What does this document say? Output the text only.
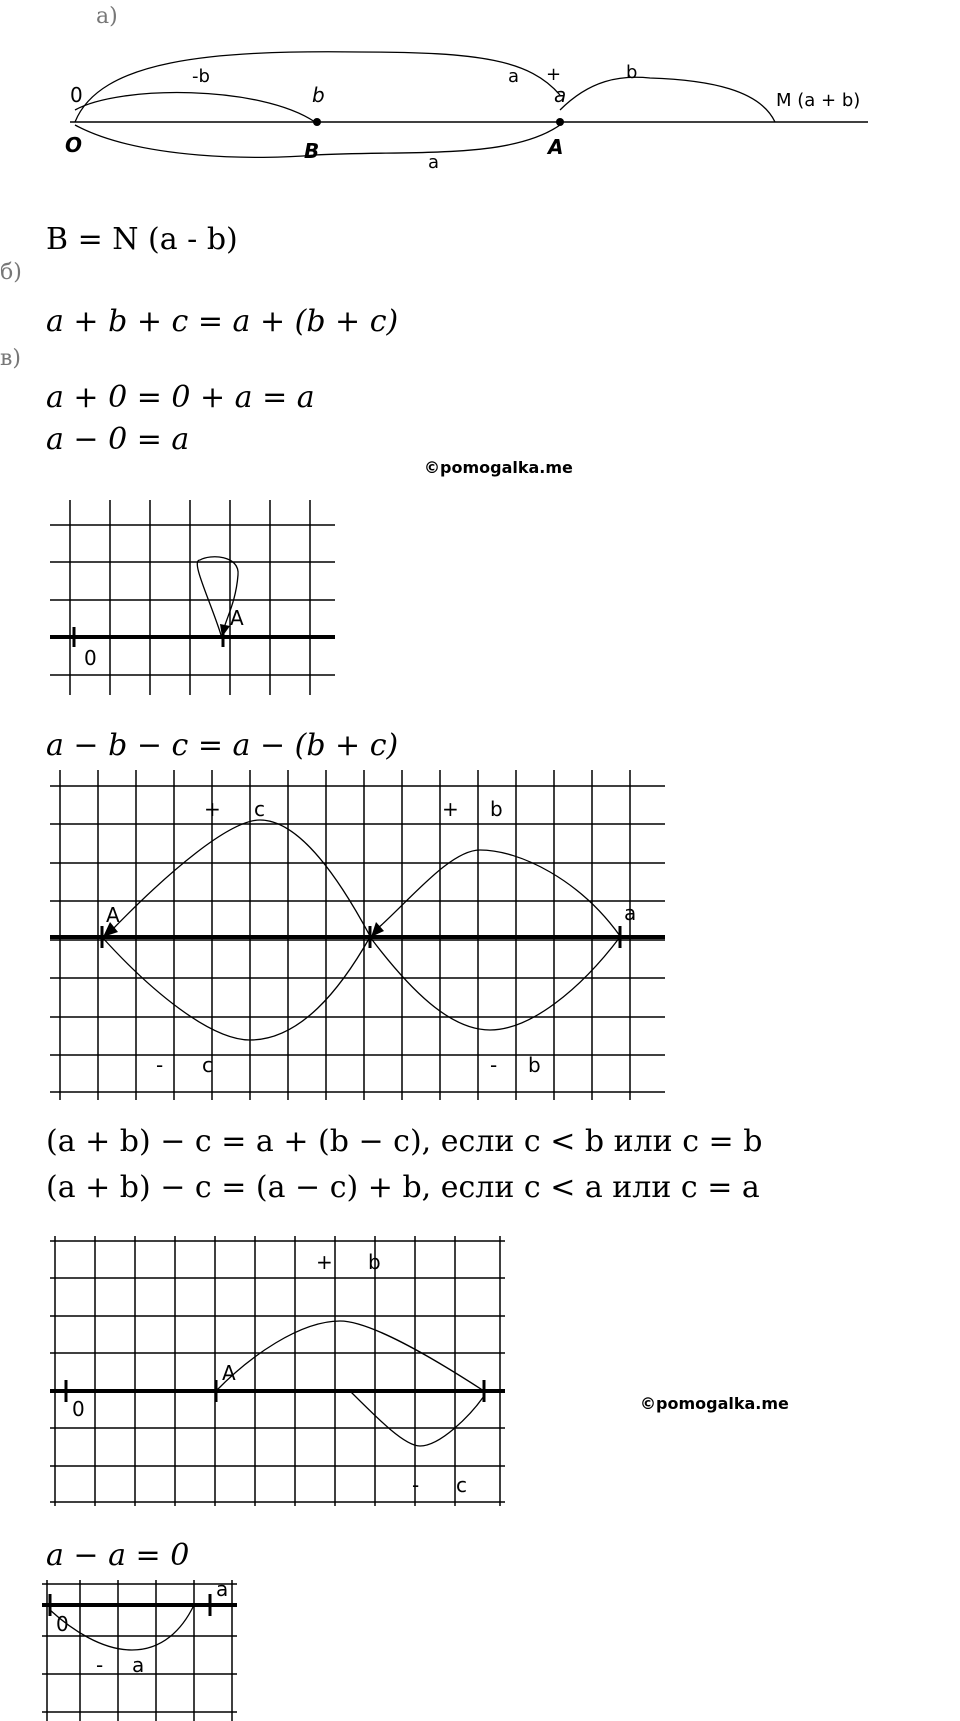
а)
0
-b
b
a +
a
b
M (a + b)
O	B	a
A
B = N (a - b)
б)
a + b + c = a + (b + c)
в)
a + 0 = 0 + a = a
a − 0 = a
©pomogalka.me
0
A
a − b − c = a − (b + c)
+ c	+ b
A	a
- c	- b
(a + b) − c = a + (b − c), если c < b или c = b
(a + b) − c = (a − c) + b, если c < a или c = a
+ b
A
0
- c
©pomogalka.me
a − a = 0
a
0
- a
